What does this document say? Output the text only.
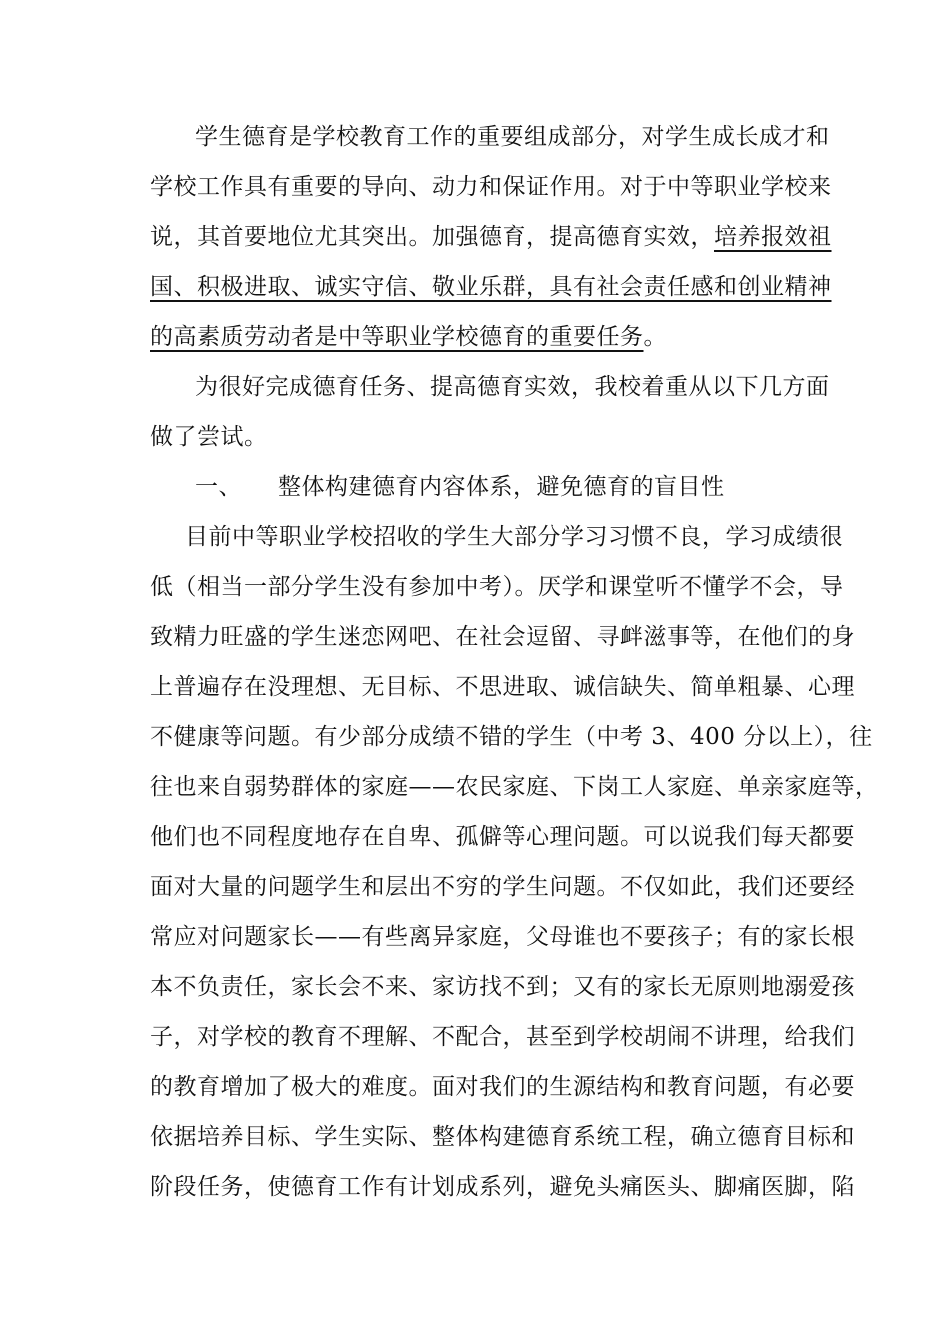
学生德育是学校教育工作的重要组成部分，对学生成长成才和
学校工作具有重要的导向、动力和保证作用。对于中等职业学校来
说，其首要地位尤其突出。加强德育，提高德育实效，培养报效祖
国、积极进取、诚实守信、敬业乐群，具有社会责任感和创业精神
的高素质劳动者是中等职业学校德育的重要任务。
为很好完成德育任务、提高德育实效，我校着重从以下几方面
做了尝试。
一、 整体构建德育内容体系，避免德育的盲目性
目前中等职业学校招收的学生大部分学习习惯不良，学习成绩很
低（相当一部分学生没有参加中考）。厌学和课堂听不懂学不会，导
致精力旺盛的学生迷恋网吧、在社会逗留、寻衅滋事等，在他们的身
上普遍存在没理想、无目标、不思进取、诚信缺失、简单粗暴、心理
不健康等问题。有少部分成绩不错的学生（中考 3、400 分以上），往
往也来自弱势群体的家庭——农民家庭、下岗工人家庭、单亲家庭等，
他们也不同程度地存在自卑、孤僻等心理问题。可以说我们每天都要
面对大量的问题学生和层出不穷的学生问题。不仅如此，我们还要经
常应对问题家长——有些离异家庭，父母谁也不要孩子；有的家长根
本不负责任，家长会不来、家访找不到；又有的家长无原则地溺爱孩
子，对学校的教育不理解、不配合，甚至到学校胡闹不讲理，给我们
的教育增加了极大的难度。面对我们的生源结构和教育问题，有必要
依据培养目标、学生实际、整体构建德育系统工程，确立德育目标和
阶段任务，使德育工作有计划成系列，避免头痛医头、脚痛医脚，陷
